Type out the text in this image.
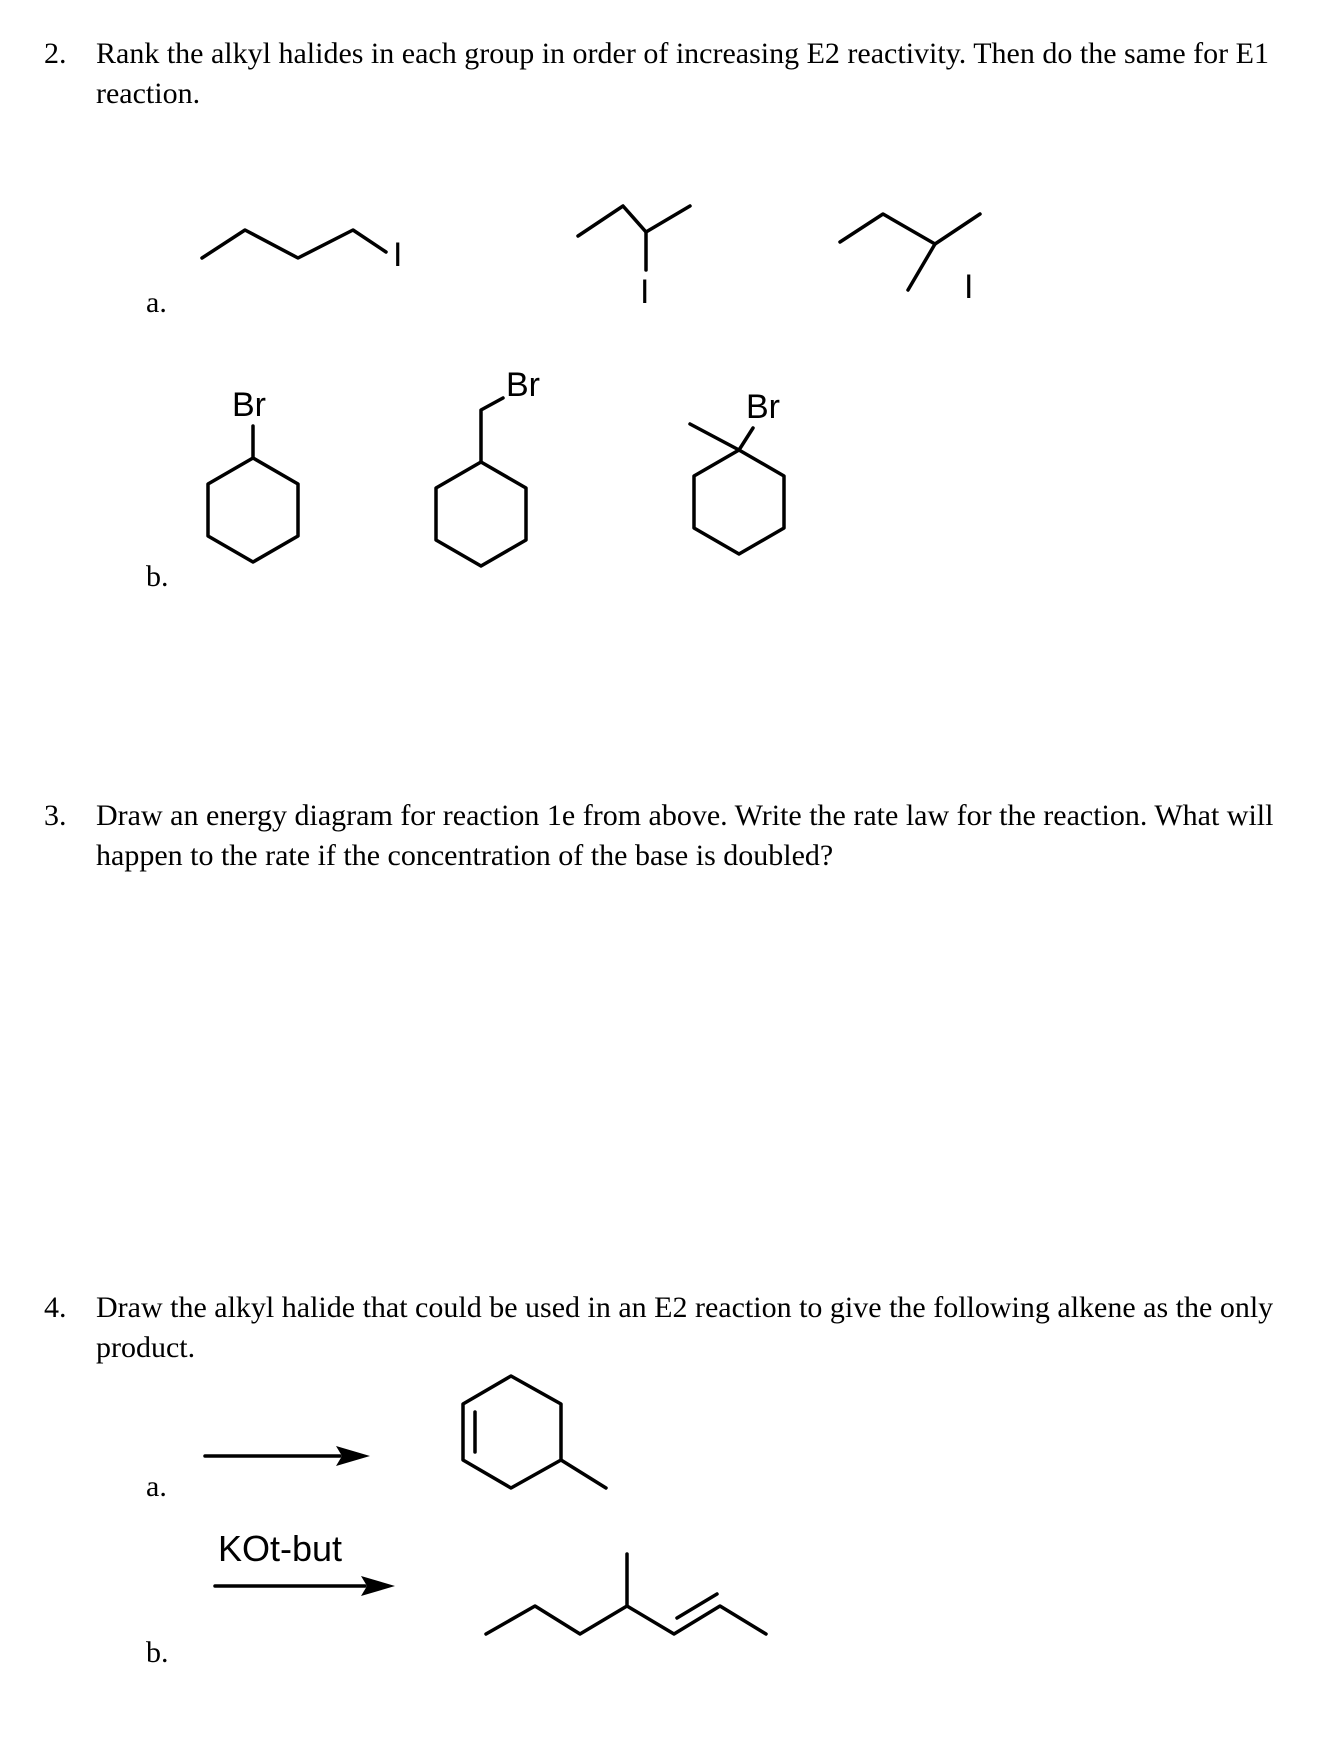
2. Rank the alkyl halides in each group in order of increasing E2 reactivity. Then do the same for E1 reaction.
a.
b.
3. Draw an energy diagram for reaction 1e from above. Write the rate law for the reaction. What will happen to the rate if the concentration of the base is doubled?
4. Draw the alkyl halide that could be used in an E2 reaction to give the following alkene as the only product.
a.
b.
I
I	I
Br
Br
Br
KOt-but
